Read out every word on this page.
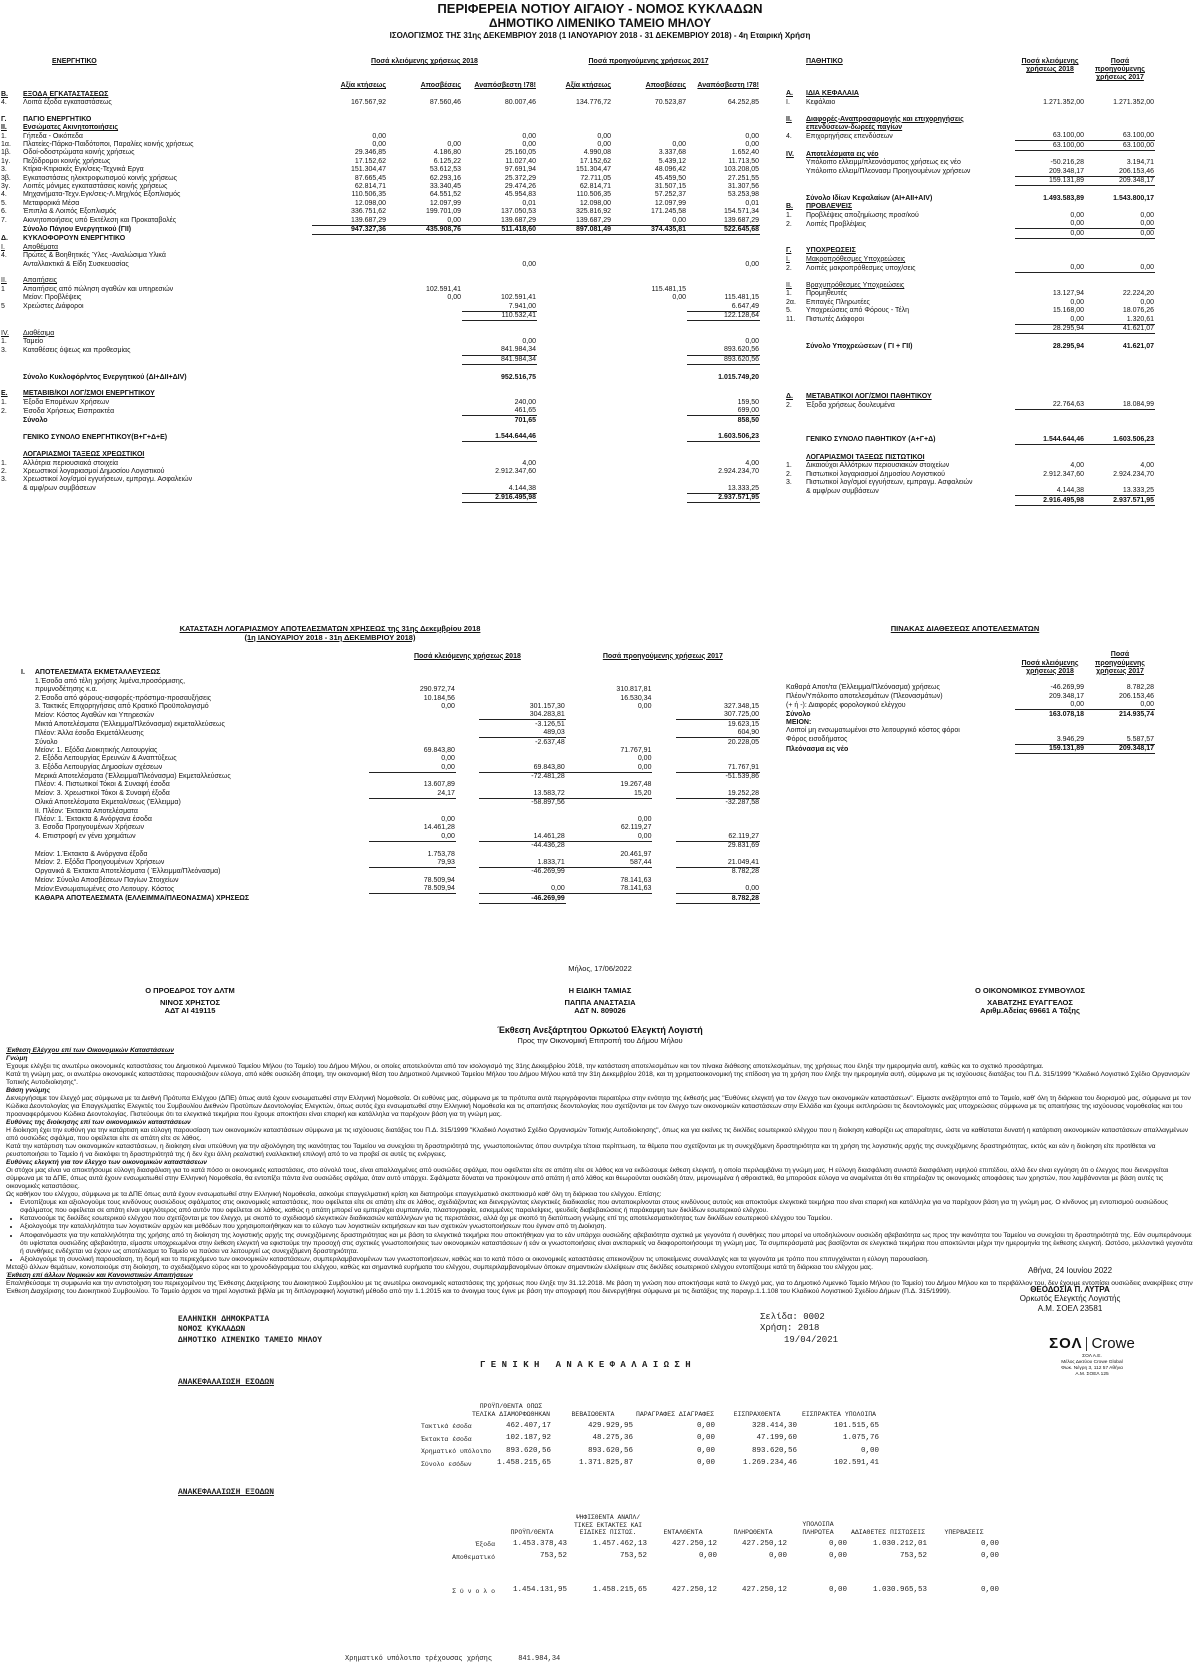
ΠΕΡΙΦΕΡΕΙΑ ΝΟΤΙΟΥ ΑΙΓΑΙΟΥ - ΝΟΜΟΣ ΚΥΚΛΑΔΩΝ
ΔΗΜΟΤΙΚΟ ΛΙΜΕΝΙΚΟ ΤΑΜΕΙΟ ΜΗΛΟΥ
ΙΣΟΛΟΓΙΣΜΟΣ ΤΗΣ 31ης ΔΕΚΕΜΒΡΙΟΥ 2018 (1 ΙΑΝΟΥΑΡΙΟΥ 2018 - 31 ΔΕΚΕΜΒΡΙΟΥ 2018) - 4η Εταιρική Χρήση
	ΕΝΕΡΓΗΤΙΚΟ	Ποσά κλειόμενης χρήσεως 2018			Ποσά προηγούμενης χρήσεως 2017		
		Αξία κτήσεως	Αποσβέσεις	Αναπόσβεστη !78!	Αξία κτήσεως	Αποσβέσεις	Αναπόσβεστη !78!
B.	ΕΞΟΔΑ ΕΓΚΑΤΑΣΤΑΣΕΩΣ						
4.	Λοιπά έξοδα εγκαταστάσεως	167.567,92	87.560,46	80.007,46	134.776,72	70.523,87	64.252,85

Γ.	ΠΑΓΙΟ ΕΝΕΡΓΗΤΙΚΟ						
II.	Ενσώματες Ακινητοποιήσεις						
1.	Γήπεδα - Οικόπεδα	0,00		0,00	0,00		0,00
1α.	Πλατείες-Πάρκα-Παιδότοποι, Παραλίες κοινής χρήσεως	0,00	0,00	0,00	0,00	0,00	0,00
1β.	Οδοί-οδοστρώματα κοινής χρήσεως	29.346,85	4.186,80	25.160,05	4.990,08	3.337,68	1.652,40
1γ.	Πεζόδρομοι κοινής χρήσεως	17.152,62	6.125,22	11.027,40	17.152,62	5.439,12	11.713,50
3.	Κτίρια-Κτιριακές Εγκ/σεις-Τεχνικά Εργα	151.304,47	53.612,53	97.691,94	151.304,47	48.096,42	103.208,05
3β.	Εγκαταστάσεις ηλεκτροφωτισμού κοινής χρήσεως	87.665,45	62.293,16	25.372,29	72.711,05	45.459,50	27.251,55
3γ.	Λοιπές μόνιμες εγκαταστάσεις κοινής χρήσεως	62.814,71	33.340,45	29.474,26	62.814,71	31.507,15	31.307,56
4.	Μηχανήματα-Τεχν.Εγκ/σεις-Λ.Μηχ/κός Εξοπλισμός	110.506,35	64.551,52	45.954,83	110.506,35	57.252,37	53.253,98
5.	Μεταφορικά Μέσα	12.098,00	12.097,99	0,01	12.098,00	12.097,99	0,01
6.	Έπιπλα & Λοιπός Εξοπλισμός	336.751,62	199.701,09	137.050,53	325.816,92	171.245,58	154.571,34
7.	Ακινητοποιήσεις υπό Εκτέλεση και Προκαταβολές	139.687,29	0,00	139.687,29	139.687,29	0,00	139.687,29
	Σύνολο Πάγιου Ενεργητικού (ΓΙΙ)	947.327,36	435.908,76	511.418,60	897.081,49	374.435,81	522.645,68
Δ.	ΚΥΚΛΟΦΟΡΟΥΝ ΕΝΕΡΓΗΤΙΚΟ						
I.	Αποθέματα						
4.	Πρώτες & Βοηθητικές Ύλες -Αναλώσιμα Υλικά						
	Ανταλλακτικά & Είδη Συσκευασίας			0,00			0,00

II.	Απαιτήσεις						
1	Απαιτήσεις από πώληση αγαθών και υπηρεσιών		102.591,41			115.481,15	
	Μείον: Προβλέψεις		0,00	102.591,41		0,00	115.481,15
5	Χρεώστες Διάφοροι			7.941,00			6.647,49
				110.532,41			122.128,64

IV.	Διαθέσιμα						
1.	Ταμείο			0,00			0,00
3.	Καταθέσεις όψεως και προθεσμίας			841.984,34			893.620,56
				841.984,34			893.620,56

	Σύνολο Κυκλοφόρ/ντος Ενεργητικού (ΔΙ+ΔΙΙ+ΔΙV)			952.516,75			1.015.749,20

Ε.	ΜΕΤΑΒΙΒ/ΚΟΙ ΛΟΓ/ΣΜΟΙ ΕΝΕΡΓΗΤΙΚΟΥ						
1.	Έξοδα Επομένων Χρήσεων			240,00			159,50
2.	Έσοδα Χρήσεως Εισπρακτέα			461,65			699,00
	Σύνολο			701,65			858,50

	ΓΕΝΙΚΟ ΣΥΝΟΛΟ ΕΝΕΡΓΗΤΙΚΟΥ(Β+Γ+Δ+Ε)			1.544.644,46			1.603.506,23

	ΛΟΓΑΡΙΑΣΜΟΙ ΤΑΞΕΩΣ ΧΡΕΩΣΤΙΚΟΙ						
1.	Αλλότρια περιουσιακά στοιχεία			4,00			4,00
2.	Χρεωστικοί λογαριασμοί Δημοσίου Λογιστικού			2.912.347,60			2.924.234,70
3.	Χρεωστικοί λογ/σμοί εγγυήσεων, εμπραγμ. Ασφαλειών						
	& αμφ/ρων συμβάσεων			4.144,38			13.333,25
				2.916.495,98			2.937.571,95
	ΠΑΘΗΤΙΚΟ	Ποσά κλειόμενης χρήσεως 2018	Ποσά προηγούμενης χρήσεως 2017
Α.	ΙΔΙΑ ΚΕΦΑΛΑΙΑ		
I.	Κεφάλαιο	1.271.352,00	1.271.352,00

II.	Διαφορές-Αναπροσαρμογής και επιχορηγήσεις		
	επενδύσεων-δωρεές παγίων		
4.	Επιχορηγήσεις επενδύσεων	63.100,00	63.100,00
		63.100,00	63.100,00
IV.	Αποτελέσματα εις νέο		
	Υπόλοιπο ελλειμμ/πλεονάσματος χρήσεως εις νέο	-50.216,28	3.194,71
	Υπόλοιπο ελλειμ/Πλεονασμ Προηγουμένων χρήσεων	209.348,17	206.153,46
		159.131,89	209.348,17

	Σύνολο Ιδίων Κεφαλαίων (ΑΙ+ΑΙΙ+ΑΙV)	1.493.583,89	1.543.800,17
Β.	ΠΡΟΒΛΕΨΕΙΣ		
1.	Προβλέψεις αποζημίωσης προσ/κού	0,00	0,00
2.	Λοιπές Προβλέψεις	0,00	0,00
		0,00	0,00

Γ.	ΥΠΟΧΡΕΩΣΕΙΣ		
I.	Μακροπρόθεσμες Υποχρεώσεις		
2.	Λοιπές μακροπρόθεσμες υποχ/σεις	0,00	0,00

II.	Βραχυπρόθεσμες Υποχρεώσεις		
1.	Προμηθευτές	13.127,94	22.224,20
2α.	Επιταγές Πληρωτέες	0,00	0,00
5.	Υποχρεώσεις από Φόρους - Τέλη	15.168,00	18.076,26
11.	Πιστωτές Διάφοροι	0,00	1.320,61
		28.295,94	41.621,07

	Σύνολο Υποχρεώσεων ( ΓΙ + ΓΙΙ)	28.295,94	41.621,07

Δ.	ΜΕΤΑΒΑΤΙΚΟΙ ΛΟΓ/ΣΜΟΙ ΠΑΘΗΤΙΚΟΥ		
2.	Έξοδα χρήσεως δουλευμένα	22.764,63	18.084,99

	ΓΕΝΙΚΟ ΣΥΝΟΛΟ ΠΑΘΗΤΙΚΟΥ (Α+Γ+Δ)	1.544.644,46	1.603.506,23

	ΛΟΓΑΡΙΑΣΜΟΙ ΤΑΞΕΩΣ ΠΙΣΤΩΤΙΚΟΙ		
1.	Δικαιούχοι Αλλότριων περιουσιακών στοιχείων	4,00	4,00
2.	Πιστωτικοί λογαριασμοί Δημοσίου Λογιστικού	2.912.347,60	2.924.234,70
3.	Πιστωτικοί λογ/σμοί εγγυήσεων, εμπραγμ. Ασφαλειών		
	& αμφ/ρων συμβάσεων	4.144,38	13.333,25
		2.916.495,98	2.937.571,95
ΚΑΤΑΣΤΑΣΗ ΛΟΓΑΡΙΑΣΜΟΥ ΑΠΟΤΕΛΕΣΜΑΤΩΝ ΧΡΗΣΕΩΣ της 31ης Δεκεμβρίου 2018
(1η ΙΑΝΟΥΑΡΙΟΥ 2018 - 31η ΔΕΚΕΜΒΡΙΟΥ 2018)
		Ποσά κλειόμενης χρήσεως 2018			Ποσά προηγούμενης χρήσεως 2017		

I.	ΑΠΟΤΕΛΕΣΜΑΤΑ ΕΚΜΕΤΑΛΛΕΥΣΕΩΣ						
	1.Έσοδα από τέλη χρήσης λιμένα,προσόρμισης,						
	πρυμνοδέτησης κ.α.	290.972,74			310.817,81		
	2.Έσοδα από φόρους-εισφορές-πρόστιμα-προσαυξήσεις	10.184,56			16.530,34		
	3. Τακτικές Επιχορηγήσεις από Κρατικό Προϋπολογισμό	0,00		301.157,30	0,00		327.348,15
	Μείον: Κόστος Αγαθών και Υπηρεσιών			304.283,81			307.725,00
	Μικτά Αποτελέσματα (Έλλειμμα/Πλεόνασμα) εκμεταλλεύσεως			-3.126,51			19.623,15
	Πλέον: Άλλα έσοδα Εκμετάλλευσης			489,03			604,90
	Σύνολο			-2.637,48			20.228,05
	Μείον: 1. Εξόδα Διοικητικής Λειτουργίας	69.843,80			71.767,91		
	2. Εξόδα Λειτουργίας Ερευνών & Αναπτύξεως	0,00			0,00		
	3. Εξόδα Λειτουργίας Δημοσίων σχέσεων	0,00		69.843,80	0,00		71.767,91
	Μερικά Αποτελέσματα (Έλλειμμα/Πλεόνασμα) Εκμεταλλεύσεως			-72.481,28			-51.539,86
	Πλέον: 4. Πιστωτικοί Τόκοι & Συναφή έσοδα	13.607,89			19.267,48		
	Μείον: 3. Χρεωστικοί Τόκοι & Συναφή έξοδα	24,17		13.583,72	15,20		19.252,28
	Ολικά Αποτελέσματα Εκμεταλ/σεως (Έλλειμμα)			-58.897,56			-32.287,58
	II. Πλέον: Έκτακτα Αποτελέσματα						
	Πλέον: 1. Έκτακτα & Ανόργανα έσοδα	0,00			0,00		
	3. Εσοδα Προηγουμένων Χρήσεων	14.461,28			62.119,27		
	4. Επιστροφή εν γένει χρημάτων	0,00		14.461,28	0,00		62.119,27
				-44.436,28			29.831,69
	Μείον: 1.Έκτακτα & Ανόργανα έξοδα	1.753,78			20.461,97		
	Μείον: 2. Εξόδα Προηγουμένων Χρήσεων	79,93		1.833,71	587,44		21.049,41
	Οργανικά & Έκτακτα Αποτελέσματα ( Έλλειμμα/Πλεόνασμα)			-46.269,99			8.782,28
	Μείον: Σύνολο Αποσβέσεων Παγίων Στοιχείων	78.509,94			78.141,63		
	Μείον:Ενσωματωμένες στο Λειτουργ. Κόστος	78.509,94		0,00	78.141,63		0,00
	ΚΑΘΑΡΑ ΑΠΟΤΕΛΕΣΜΑΤΑ (ΕΛΛΕΙΜΜΑ/ΠΛΕΟΝΑΣΜΑ) ΧΡΗΣΕΩΣ			-46.269,99			8.782,28
ΠΙΝΑΚΑΣ ΔΙΑΘΕΣΕΩΣ ΑΠΟΤΕΛΕΣΜΑΤΩΝ
	Ποσά κλειόμενης χρήσεως 2018	Ποσά προηγούμενης χρήσεως 2017

Καθαρά Αποτ/τα (Έλλειμμα/Πλεόνασμα) χρήσεως	-46.269,99	8.782,28
Πλέον/Υπόλοιπο αποτελεσμάτων (Πλεονασμάτων)	209.348,17	206.153,46
(+ ή -): Διαφορές φορολογικού ελέγχου	0,00	0,00
Σύνολο	163.078,18	214.935,74
ΜΕΙΟΝ:		
Λοιποί μη ενσωματωμένοι στο λειτουργικό κόστος φόροι		
Φόρος εισοδήματος	3.946,29	5.587,57
Πλεόνασμα εις νέο	159.131,89	209.348,17
Μήλος, 17/06/2022
Ο ΠΡΟΕΔΡΟΣ ΤΟΥ ΔΛΤΜ
ΝΙΝΟΣ ΧΡΗΣΤΟΣ
ΑΔΤ ΑΙ 419115
Η ΕΙΔΙΚΗ ΤΑΜΙΑΣ
ΠΑΠΠΑ ΑΝΑΣΤΑΣΙΑ
ΑΔΤ Ν. 809026
Ο ΟΙΚΟΝΟΜΙΚΟΣ ΣΥΜΒΟΥΛΟΣ
ΧΑΒΑΤΖΗΣ ΕΥΑΓΓΕΛΟΣ
Αριθμ.Αδείας 69661 Α Τάξης
Έκθεση Ανεξάρτητου Ορκωτού Ελεγκτή Λογιστή
Προς την Οικονομική Επιτροπή του Δήμου Μήλου

Έκθεση Ελέγχου επί των Οικονομικών Καταστάσεων

Γνώμη

Έχουμε ελέγξει τις ανωτέρω οικονομικές καταστάσεις του Δημοτικού Λιμενικού Ταμείου Μήλου (το Ταμείο) του Δήμου Μήλου, οι οποίες αποτελούνται από τον ισολογισμό της 31ης Δεκεμβρίου 2018, την κατάσταση αποτελεσμάτων και τον πίνακα διάθεσης αποτελεσμάτων, της χρήσεως που έληξε την ημερομηνία αυτή, καθώς και το σχετικό προσάρτημα.

Κατά τη γνώμη μας, οι ανωτέρω οικονομικές καταστάσεις παρουσιάζουν εύλογα, από κάθε ουσιώδη άποψη, την οικονομική θέση του Δημοτικού Λιμενικού Ταμείου Μήλου του Δήμου Μήλου κατά την 31η Δεκεμβρίου 2018, και τη χρηματοοικονομική της επίδοση για τη χρήση που έληξε την ημερομηνία αυτή, σύμφωνα με τις ισχύουσες διατάξεις του Π.Δ. 315/1999 "Κλαδικό Λογιστικό Σχέδιο Οργανισμών Τοπικής Αυτοδιοίκησης".

Βάση γνώμης

Διενεργήσαμε τον έλεγχό μας σύμφωνα με τα Διεθνή Πρότυπα Ελέγχου (ΔΠΕ) όπως αυτά έχουν ενσωματωθεί στην Ελληνική Νομοθεσία. Οι ευθύνες μας, σύμφωνα με τα πρότυπα αυτά περιγράφονται περαιτέρω στην ενότητα της έκθεσής μας "Ευθύνες ελεγκτή για τον έλεγχο των οικονομικών καταστάσεων". Είμαστε ανεξάρτητοι από το Ταμείο, καθ' όλη τη διάρκεια του διορισμού μας, σύμφωνα με τον Κώδικα Δεοντολογίας για Επαγγελματίες Ελεγκτές του Συμβουλίου Διεθνών Προτύπων Δεοντολογίας Ελεγκτών, όπως αυτός έχει ενσωματωθεί στην Ελληνική Νομοθεσία και τις απαιτήσεις δεοντολογίας που σχετίζονται με τον έλεγχο των οικονομικών καταστάσεων στην Ελλάδα και έχουμε εκπληρώσει τις δεοντολογικές μας υποχρεώσεις σύμφωνα με τις απαιτήσεις της ισχύουσας νομοθεσίας και του προαναφερόμενου Κώδικα Δεοντολογίας. Πιστεύουμε ότι τα ελεγκτικά τεκμήρια που έχουμε αποκτήσει είναι επαρκή και κατάλληλα να παρέχουν βάση για τη γνώμη μας.

Ευθύνες της διοίκησης επί των οικονομικών καταστάσεων

Η διοίκηση έχει την ευθύνη για την κατάρτιση και εύλογη παρουσίαση των οικονομικών καταστάσεων σύμφωνα με τις ισχύουσες διατάξεις του Π.Δ. 315/1999 "Κλαδικό Λογιστικό Σχέδιο Οργανισμών Τοπικής Αυτοδιοίκησης", όπως και για εκείνες τις δικλίδες εσωτερικού ελέγχου που η διοίκηση καθορίζει ως απαραίτητες, ώστε να καθίσταται δυνατή η κατάρτιση οικονομικών καταστάσεων απαλλαγμένων από ουσιώδες σφάλμα, που οφείλεται είτε σε απάτη είτε σε λάθος.

Κατά την κατάρτιση των οικονομικών καταστάσεων, η διοίκηση είναι υπεύθυνη για την αξιολόγηση της ικανότητας του Ταμείου να συνεχίσει τη δραστηριότητά της, γνωστοποιώντας όπου συντρέχει τέτοια περίπτωση, τα θέματα που σχετίζονται με τη συνεχιζόμενη δραστηριότητα και τη χρήση της λογιστικής αρχής της συνεχιζόμενης δραστηριότητας, εκτός και εάν η διοίκηση είτε προτίθεται να ρευστοποιήσει το Ταμείο ή να διακόψει τη δραστηριότητά της ή δεν έχει άλλη ρεαλιστική εναλλακτική επιλογή από το να προβεί σε αυτές τις ενέργειες.

Ευθύνες ελεγκτή για τον έλεγχο των οικονομικών καταστάσεων

Οι στόχοι μας είναι να αποκτήσουμε εύλογη διασφάλιση για το κατά πόσο οι οικονομικές καταστάσεις, στο σύνολό τους, είναι απαλλαγμένες από ουσιώδες σφάλμα, που οφείλεται είτε σε απάτη είτε σε λάθος και να εκδώσουμε έκθεση ελεγκτή, η οποία περιλαμβάνει τη γνώμη μας. Η εύλογη διασφάλιση συνιστά διασφάλιση υψηλού επιπέδου, αλλά δεν είναι εγγύηση ότι ο έλεγχος που διενεργείται σύμφωνα με τα ΔΠΕ, όπως αυτά έχουν ενσωματωθεί στην Ελληνική Νομοθεσία, θα εντοπίζει πάντα ένα ουσιώδες σφάλμα, όταν αυτό υπάρχει. Σφάλματα δύναται να προκύψουν από απάτη ή από λάθος και θεωρούνται ουσιώδη όταν, μεμονωμένα ή αθροιστικά, θα μπορούσε εύλογα να αναμένεται ότι θα επηρέαζαν τις οικονομικές αποφάσεις των χρηστών, που λαμβάνονται με βάση αυτές τις οικονομικές καταστάσεις.

Ως καθήκον του ελέγχου, σύμφωνα με τα ΔΠΕ όπως αυτά έχουν ενσωματωθεί στην Ελληνική Νομοθεσία, ασκούμε επαγγελματική κρίση και διατηρούμε επαγγελματικό σκεπτικισμό καθ' όλη τη διάρκεια του ελέγχου. Επίσης:

• Εντοπίζουμε και αξιολογούμε τους κινδύνους ουσιώδους σφάλματος στις οικονομικές καταστάσεις, που οφείλεται είτε σε απάτη είτε σε λάθος, σχεδιάζοντας και διενεργώντας ελεγκτικές διαδικασίες που ανταποκρίνονται στους κινδύνους αυτούς και αποκτούμε ελεγκτικά τεκμήρια που είναι επαρκή και κατάλληλα για να παρέχουν βάση για τη γνώμη μας. Ο κίνδυνος μη εντοπισμού ουσιώδους σφάλματος που οφείλεται σε απάτη είναι υψηλότερος από αυτόν που οφείλεται σε λάθος, καθώς η απάτη μπορεί να εμπεριέχει συμπαιγνία, πλαστογραφία, εσκεμμένες παραλείψεις, ψευδείς διαβεβαιώσεις ή παράκαμψη των δικλίδων εσωτερικού ελέγχου.
• Κατανοούμε τις δικλίδες εσωτερικού ελέγχου που σχετίζονται με τον έλεγχο, με σκοπό το σχεδιασμό ελεγκτικών διαδικασιών κατάλληλων για τις περιστάσεις, αλλά όχι με σκοπό τη διατύπωση γνώμης επί της αποτελεσματικότητας των δικλίδων εσωτερικού ελέγχου του Ταμείου.
• Αξιολογούμε την καταλληλότητα των λογιστικών αρχών και μεθόδων που χρησιμοποιήθηκαν και το εύλογο των λογιστικών εκτιμήσεων και των σχετικών γνωστοποιήσεων που έγιναν από τη Διοίκηση.
• Αποφαινόμαστε για την καταλληλότητα της χρήσης από τη διοίκηση της λογιστικής αρχής της συνεχιζόμενης δραστηριότητας και με βάση τα ελεγκτικά τεκμήρια που αποκτήθηκαν για το εάν υπάρχει ουσιώδης αβεβαιότητα σχετικά με γεγονότα ή συνθήκες που μπορεί να υποδηλώνουν ουσιώδη αβεβαιότητα ως προς την ικανότητα του Ταμείου να συνεχίσει τη δραστηριότητά της. Εάν συμπεράνουμε ότι υφίσταται ουσιώδης αβεβαιότητα, είμαστε υποχρεωμένοι στην έκθεση ελεγκτή να εφιστούμε την προσοχή στις σχετικές γνωστοποιήσεις των οικονομικών καταστάσεων ή εάν οι γνωστοποιήσεις είναι ανεπαρκείς να διαφοροποιήσουμε τη γνώμη μας. Τα συμπεράσματά μας βασίζονται σε ελεγκτικά τεκμήρια που αποκτώνται μέχρι την ημερομηνία της έκθεσης ελεγκτή. Ωστόσο, μελλοντικά γεγονότα ή συνθήκες ενδέχεται να έχουν ως αποτέλεσμα το Ταμείο να παύσει να λειτουργεί ως συνεχιζόμενη δραστηριότητα.
• Αξιολογούμε τη συνολική παρουσίαση, τη δομή και το περιεχόμενο των οικονομικών καταστάσεων, συμπεριλαμβανομένων των γνωστοποιήσεων, καθώς και το κατά πόσο οι οικονομικές καταστάσεις απεικονίζουν τις υποκείμενες συναλλαγές και τα γεγονότα με τρόπο που επιτυγχάνεται η εύλογη παρουσίαση.

Μεταξύ άλλων θεμάτων, κοινοποιούμε στη διοίκηση, το σχεδιαζόμενο εύρος και το χρονοδιάγραμμα του ελέγχου, καθώς και σημαντικά ευρήματα του ελέγχου, συμπεριλαμβανομένων όποιων σημαντικών ελλείψεων στις δικλίδες εσωτερικού ελέγχου εντοπίζουμε κατά τη διάρκεια του ελέγχου μας.

Έκθεση επί άλλων Νομικών και Κανονιστικών Απαιτήσεων

Επαληθεύσαμε τη συμφωνία και την αντιστοίχιση του περιεχομένου της Έκθεσης Διαχείρισης του Διοικητικού Συμβουλίου με τις ανωτέρω οικονομικές καταστάσεις της χρήσεως που έληξε την 31.12.2018. Με βάση τη γνώση που αποκτήσαμε κατά το έλεγχό μας, για το Δημοτικό Λιμενικό Ταμείο Μήλου (το Ταμείο) του Δήμου Μήλου και το περιβάλλον του, δεν έχουμε εντοπίσει ουσιώδεις ανακρίβειες στην Έκθεση Διαχείρισης του Διοικητικού Συμβουλίου. Το Ταμείο άρχισε να τηρεί λογιστικά βιβλία με τη διπλογραφική λογιστική μέθοδο από την 1.1.2015 και το άνοιγμα τους έγινε με βάση την απογραφή που διενεργήθηκε σύμφωνα με τις διατάξεις της παραγρ.1.1.108 του Κλαδικού Λογιστικού Σχεδίου Δήμων (Π.Δ. 315/1999).

Αθήνα, 24 Ιουνίου 2022
ΘΕΟΔΟΣΙΑ Π. ΛΥΤΡΑ
Ορκωτός Ελεγκτής Λογιστής
Α.Μ. ΣΟΕΛ 23581
ΣΟΛ Crowe
ΣΟΛ Α.Ε.
Μέλος Δικτύου Crowe Global
Φωκ. Νέγρη 3, 112 57 Αθήνα
Α.Μ. ΣΟΕΛ 125
ΕΛΛΗΝΙΚΗ ΔΗΜΟΚΡΑΤΙΑ
ΝΟΜΟΣ ΚΥΚΛΑΔΩΝ
ΔΗΜΟΤΙΚΟ ΛΙΜΕΝΙΚΟ ΤΑΜΕΙΟ ΜΗΛΟΥ
Σελίδα: 0002
Χρήση: 2018
19/04/2021
Γ Ε Ν Ι Κ Η   Α Ν Α Κ Ε Φ Α Λ Α Ι Ω Σ Η
ΑΝΑΚΕΦΑΛΑΙΩΣΗ ΕΣΟΔΩΝ
	ΠΡΟΫΠ/ΘΕΝΤΑ ΟΠΩΣ ΤΕΛΙΚΑ ΔΙΑΜΟΡΦΩΘΗΚΑΝ	ΒΕΒΑΙΩΘΕΝΤΑ	ΠΑΡΑΓΡΑΦΕΣ ΔΙΑΓΡΑΦΕΣ	ΕΙΣΠΡΑΧΘΕΝΤΑ	ΕΙΣΠΡΑΚΤΕΑ ΥΠΟΛΟΙΠΑ
Τακτικά έσοδα	462.407,17	429.929,95	0,00	328.414,30	101.515,65
Έκτακτα έσοδα	102.187,92	48.275,36	0,00	47.199,60	1.075,76
Χρηματικό υπόλοιπο	893.620,56	893.620,56	0,00	893.620,56	0,00
Σύνολο εσόδων	1.458.215,65	1.371.825,87	0,00	1.269.234,46	102.591,41
ΑΝΑΚΕΦΑΛΑΙΩΣΗ ΕΞΟΔΩΝ
	ΠΡΟΫΠ/ΘΕΝΤΑ	ΨΗΦΙΣΘΕΝΤΑ ΑΝΑΠΛ/ΤΙΚΕΣ ΕΚΤΑΚΤΕΣ ΚΑΙ ΕΙΔΙΚΕΣ ΠΙΣΤΩΣ.	ΕΝΤΑΛΘΕΝΤΑ	ΠΛΗΡΩΘΕΝΤΑ	ΥΠΟΛΟΙΠΑ ΠΛΗΡΩΤΕΑ	ΑΔΙΑΘΕΤΕΣ ΠΙΣΤΩΣΕΙΣ	ΥΠΕΡΒΑΣΕΙΣ
Έξοδα	1.453.378,43	1.457.462,13	427.250,12	427.250,12	0,00	1.030.212,01	0,00
Αποθεματικό	753,52	753,52	0,00	0,00	0,00	753,52	0,00
Σ ύ ν ο λ ο	1.454.131,95	1.458.215,65	427.250,12	427.250,12	0,00	1.030.965,53	0,00
Χρηματικό υπόλοιπο τρέχουσας χρήσης	841.984,34
